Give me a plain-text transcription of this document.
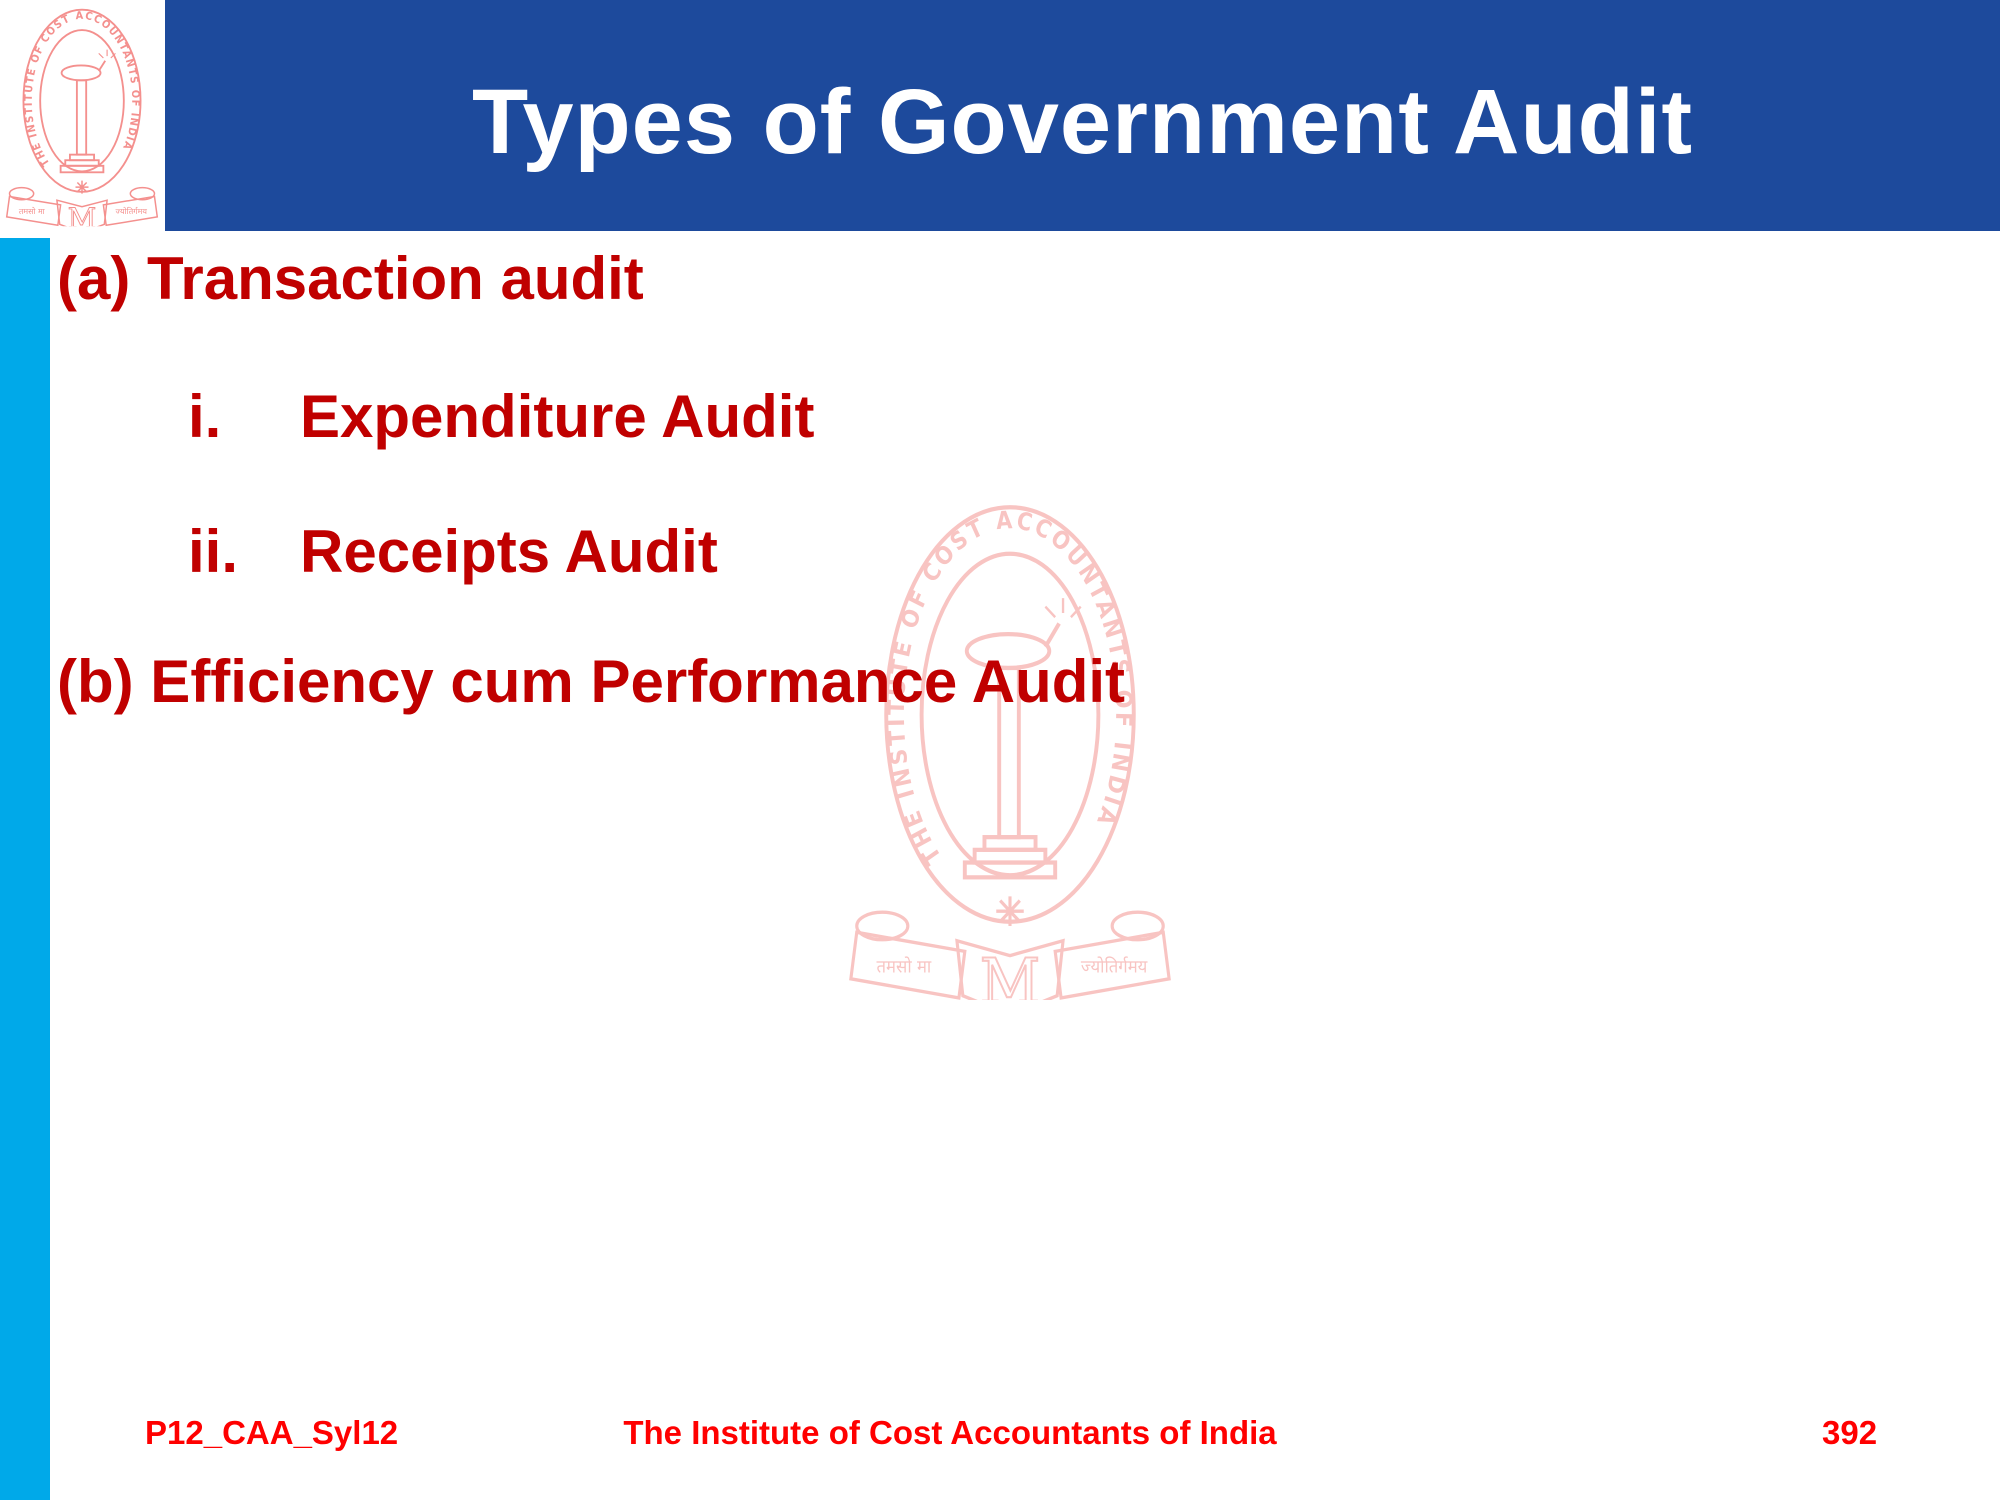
Types of Government Audit
(a) Transaction audit
i. Expenditure Audit
ii. Receipts Audit
(b) Efficiency cum Performance Audit
P12_CAA_Syl12	The Institute of Cost Accountants of India	392
